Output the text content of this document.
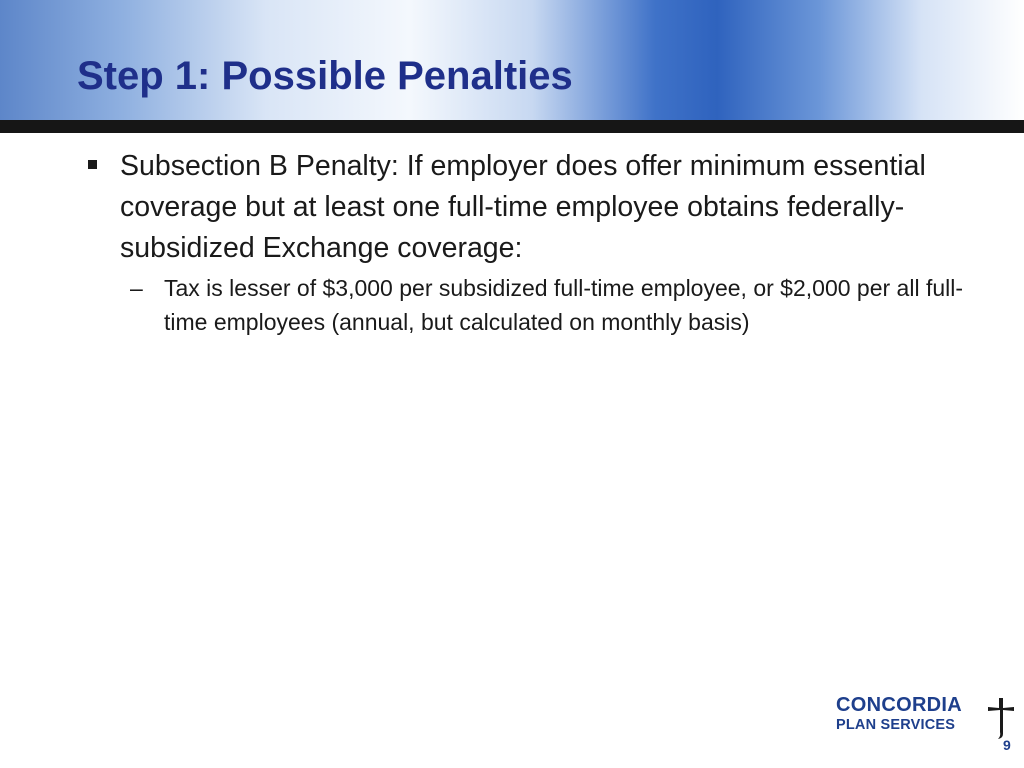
Step 1: Possible Penalties
Subsection B Penalty: If employer does offer minimum essential coverage but at least one full-time employee obtains federally-subsidized Exchange coverage:
– Tax is lesser of $3,000 per subsidized full-time employee, or $2,000 per all full-time employees (annual, but calculated on monthly basis)
CONCORDIA
PLAN SERVICES
9
